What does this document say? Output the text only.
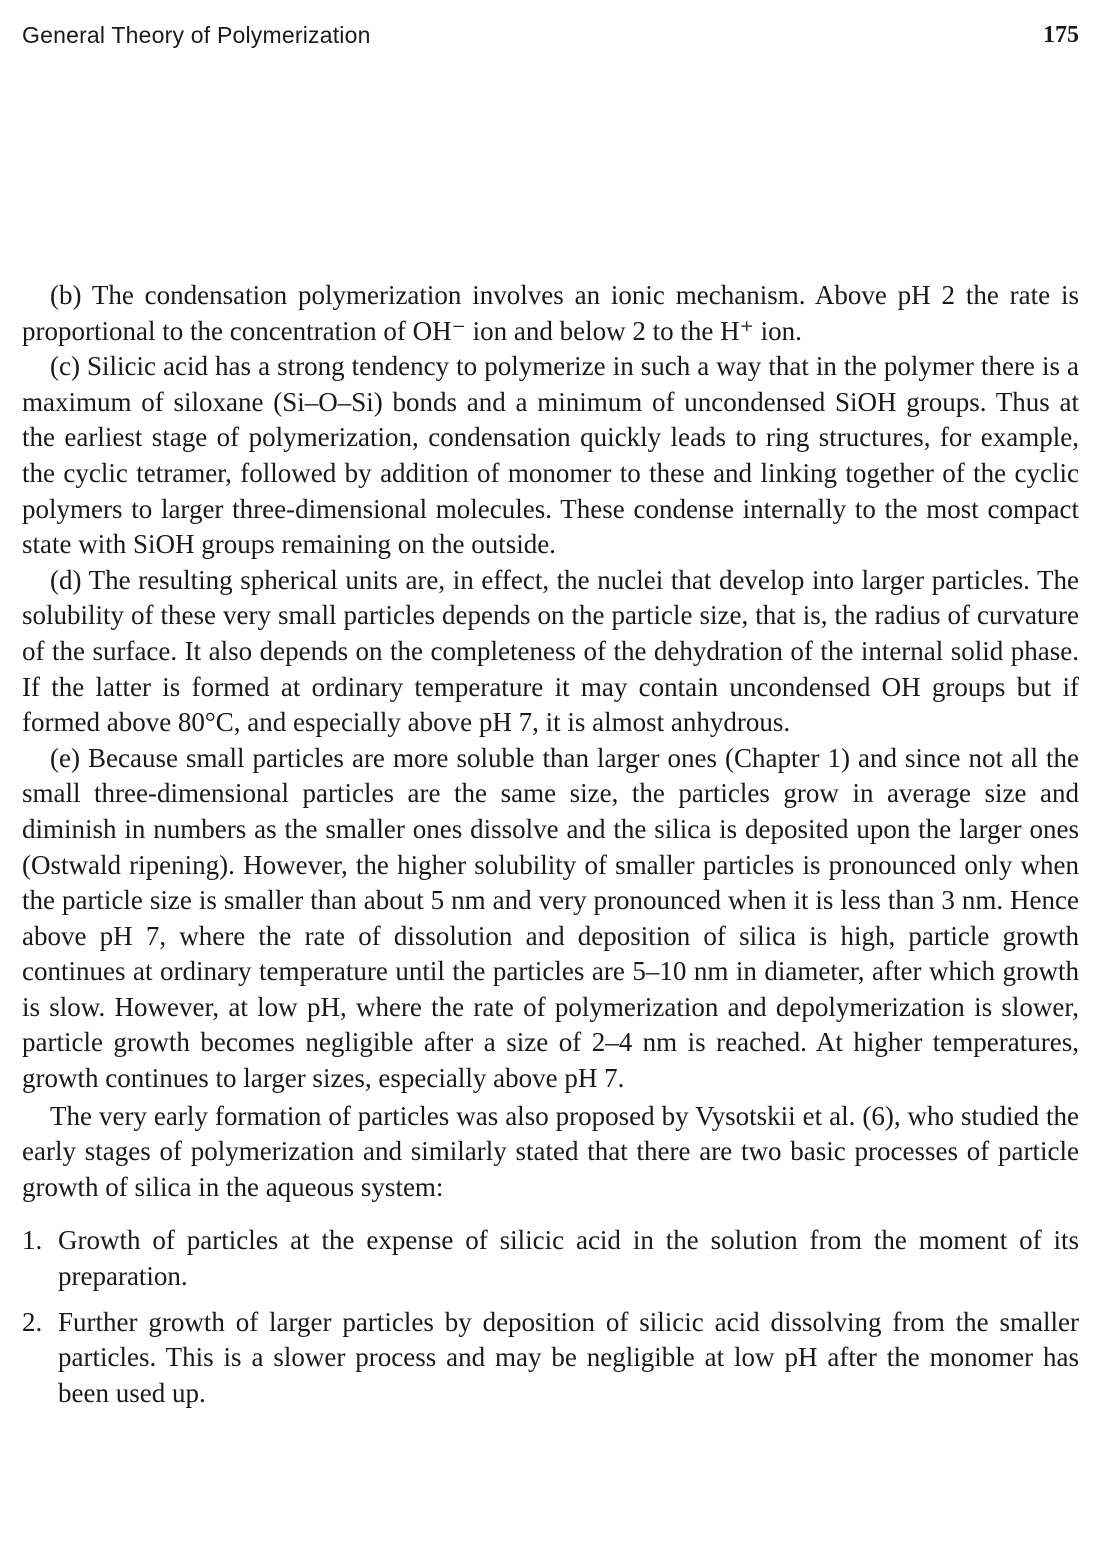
General Theory of Polymerization	175

(b) The condensation polymerization involves an ionic mechanism. Above pH 2 the rate is proportional to the concentration of OH⁻ ion and below 2 to the H⁺ ion.

(c) Silicic acid has a strong tendency to polymerize in such a way that in the polymer there is a maximum of siloxane (Si–O–Si) bonds and a minimum of uncondensed SiOH groups. Thus at the earliest stage of polymerization, condensation quickly leads to ring structures, for example, the cyclic tetramer, followed by addition of monomer to these and linking together of the cyclic polymers to larger three-dimensional molecules. These condense internally to the most compact state with SiOH groups remaining on the outside.

(d) The resulting spherical units are, in effect, the nuclei that develop into larger particles. The solubility of these very small particles depends on the particle size, that is, the radius of curvature of the surface. It also depends on the completeness of the dehydration of the internal solid phase. If the latter is formed at ordinary temperature it may contain uncondensed OH groups but if formed above 80°C, and especially above pH 7, it is almost anhydrous.

(e) Because small particles are more soluble than larger ones (Chapter 1) and since not all the small three-dimensional particles are the same size, the particles grow in average size and diminish in numbers as the smaller ones dissolve and the silica is deposited upon the larger ones (Ostwald ripening). However, the higher solubility of smaller particles is pronounced only when the particle size is smaller than about 5 nm and very pronounced when it is less than 3 nm. Hence above pH 7, where the rate of dissolution and deposition of silica is high, particle growth continues at ordinary temperature until the particles are 5–10 nm in diameter, after which growth is slow. However, at low pH, where the rate of polymerization and depolymerization is slower, particle growth becomes negligible after a size of 2–4 nm is reached. At higher temperatures, growth continues to larger sizes, especially above pH 7.

The very early formation of particles was also proposed by Vysotskii et al. (6), who studied the early stages of polymerization and similarly stated that there are two basic processes of particle growth of silica in the aqueous system:

1. Growth of particles at the expense of silicic acid in the solution from the moment of its preparation.
2. Further growth of larger particles by deposition of silicic acid dissolving from the smaller particles. This is a slower process and may be negligible at low pH after the monomer has been used up.
